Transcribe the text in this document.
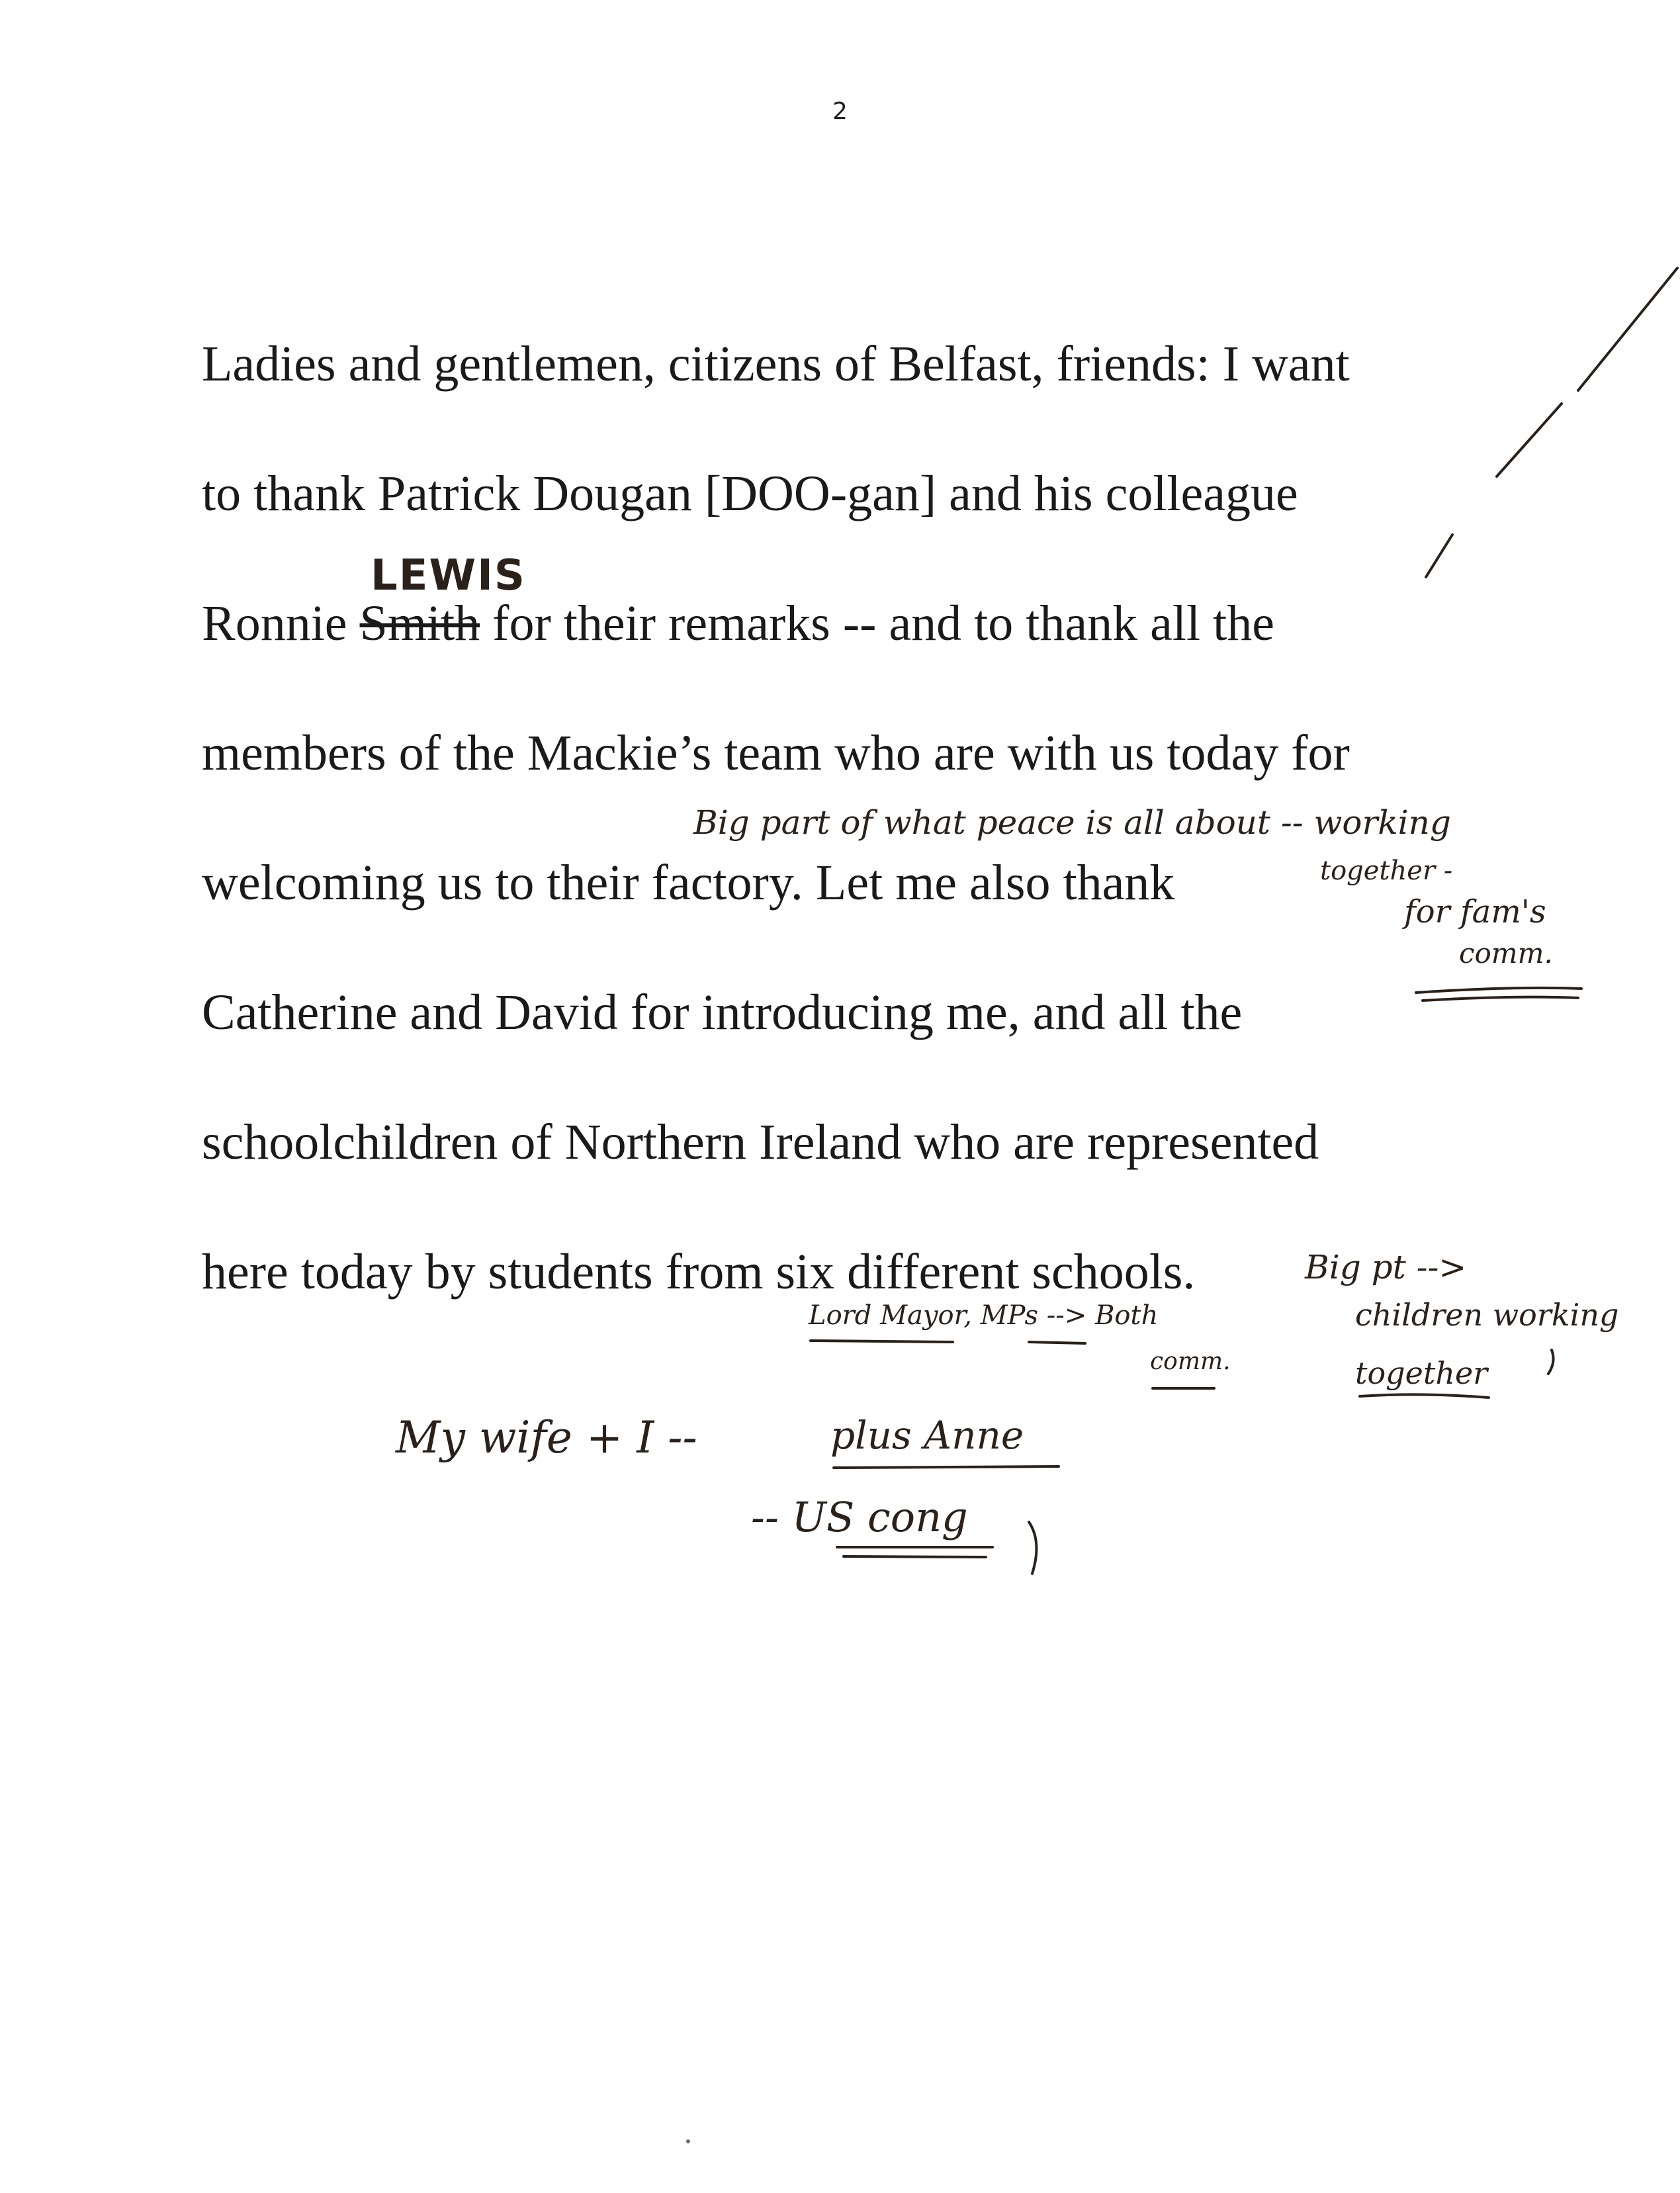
2
Ladies and gentlemen, citizens of Belfast, friends: I want
to thank Patrick Dougan [DOO-gan] and his colleague
Ronnie Smith for their remarks -- and to thank all the
members of the Mackie’s team who are with us today for
welcoming us to their factory. Let me also thank
Catherine and David for introducing me, and all the
schoolchildren of Northern Ireland who are represented
here today by students from six different schools.
LEWIS
Big part of what peace is all about -- working
together -
for fam's
comm.
Big pt -->
children working
together
Lord Mayor, MPs --> Both
comm.
My wife + I --	plus Anne
-- US cong
